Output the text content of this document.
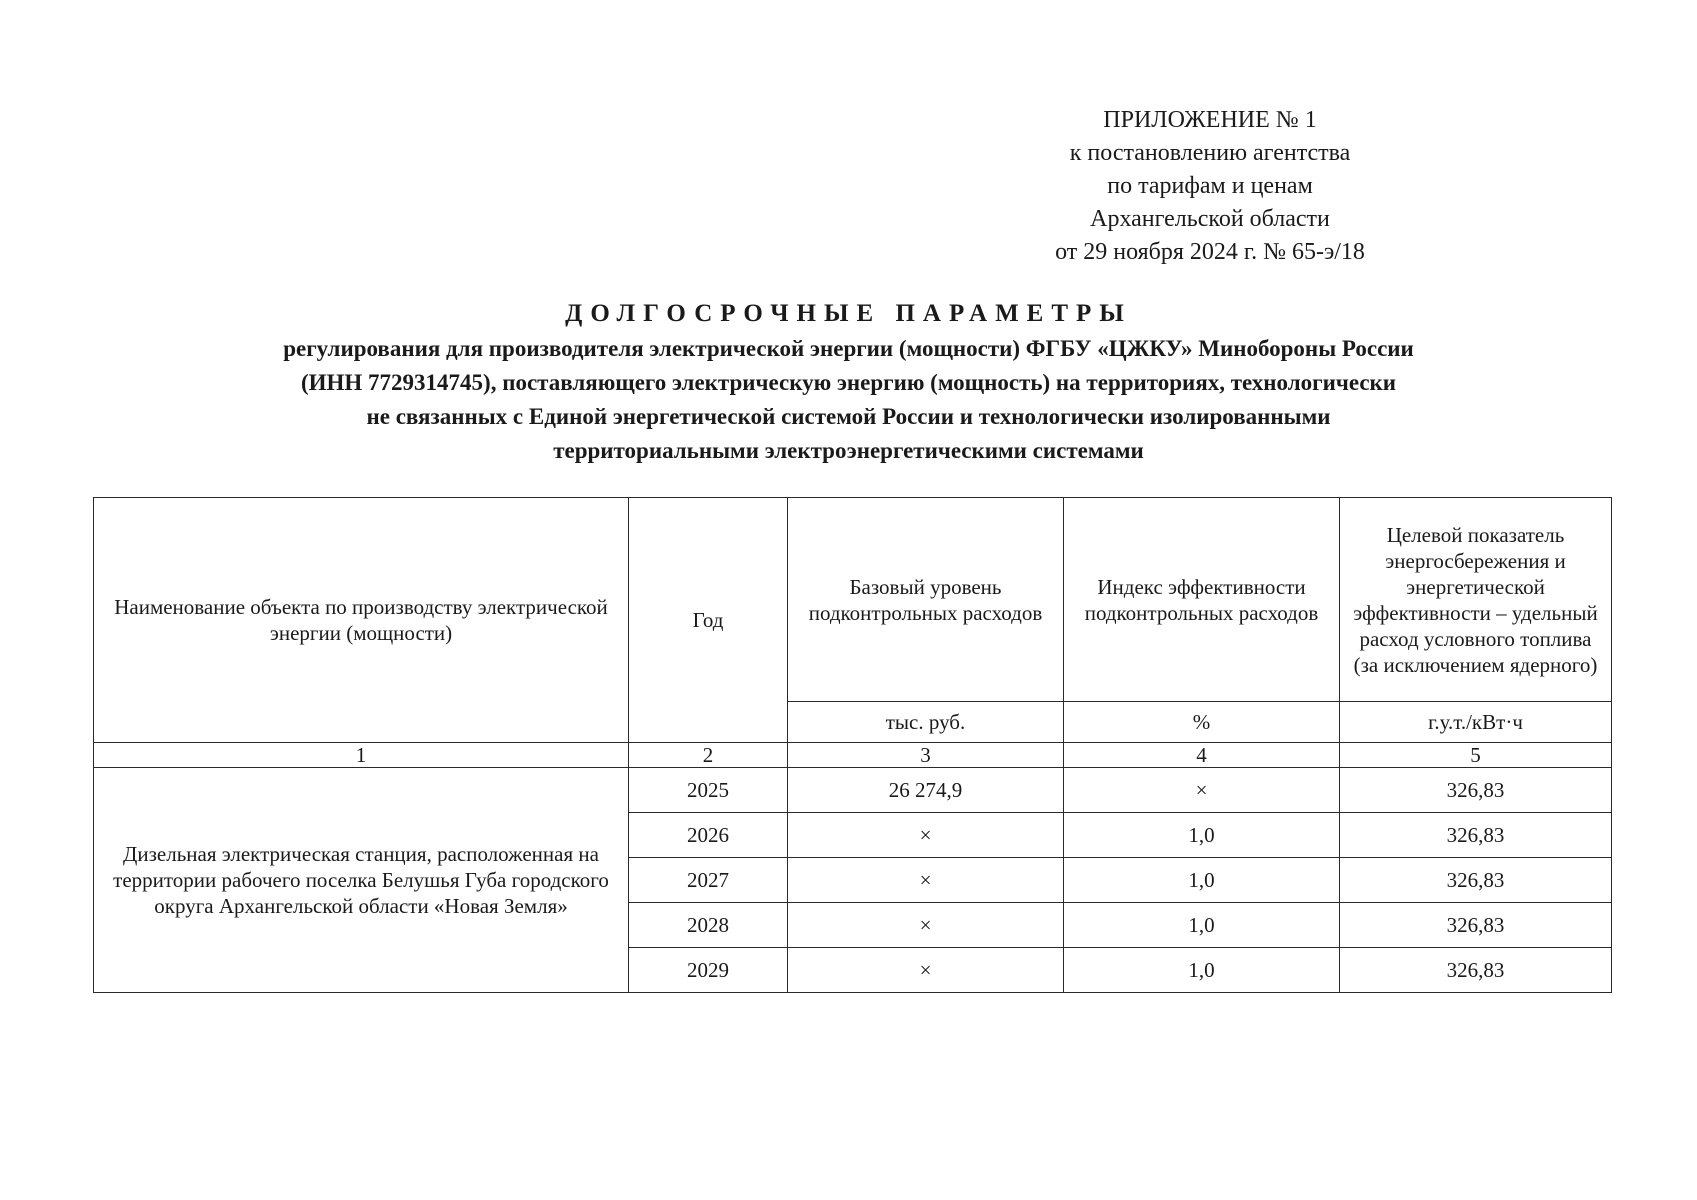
ПРИЛОЖЕНИЕ № 1
к постановлению агентства
по тарифам и ценам
Архангельской области
от 29 ноября 2024 г. № 65-э/18
ДОЛГОСРОЧНЫЕ ПАРАМЕТРЫ
регулирования для производителя электрической энергии (мощности) ФГБУ «ЦЖКУ» Минобороны России
(ИНН 7729314745), поставляющего электрическую энергию (мощность) на территориях, технологически
не связанных с Единой энергетической системой России и технологически изолированными
территориальными электроэнергетическими системами
Наименование объекта по производству электрической энергии (мощности)	Год	Базовый уровень подконтрольных расходов	Индекс эффективности подконтрольных расходов	Целевой показатель энергосбережения и энергетической эффективности – удельный расход условного топлива (за исключением ядерного)
		тыс. руб.	%	г.у.т./кВт·ч
1	2	3	4	5
Дизельная электрическая станция, расположенная на территории рабочего поселка Белушья Губа городского округа Архангельской области «Новая Земля»	2025	26 274,9	×	326,83
	2026	×	1,0	326,83
	2027	×	1,0	326,83
	2028	×	1,0	326,83
	2029	×	1,0	326,83
